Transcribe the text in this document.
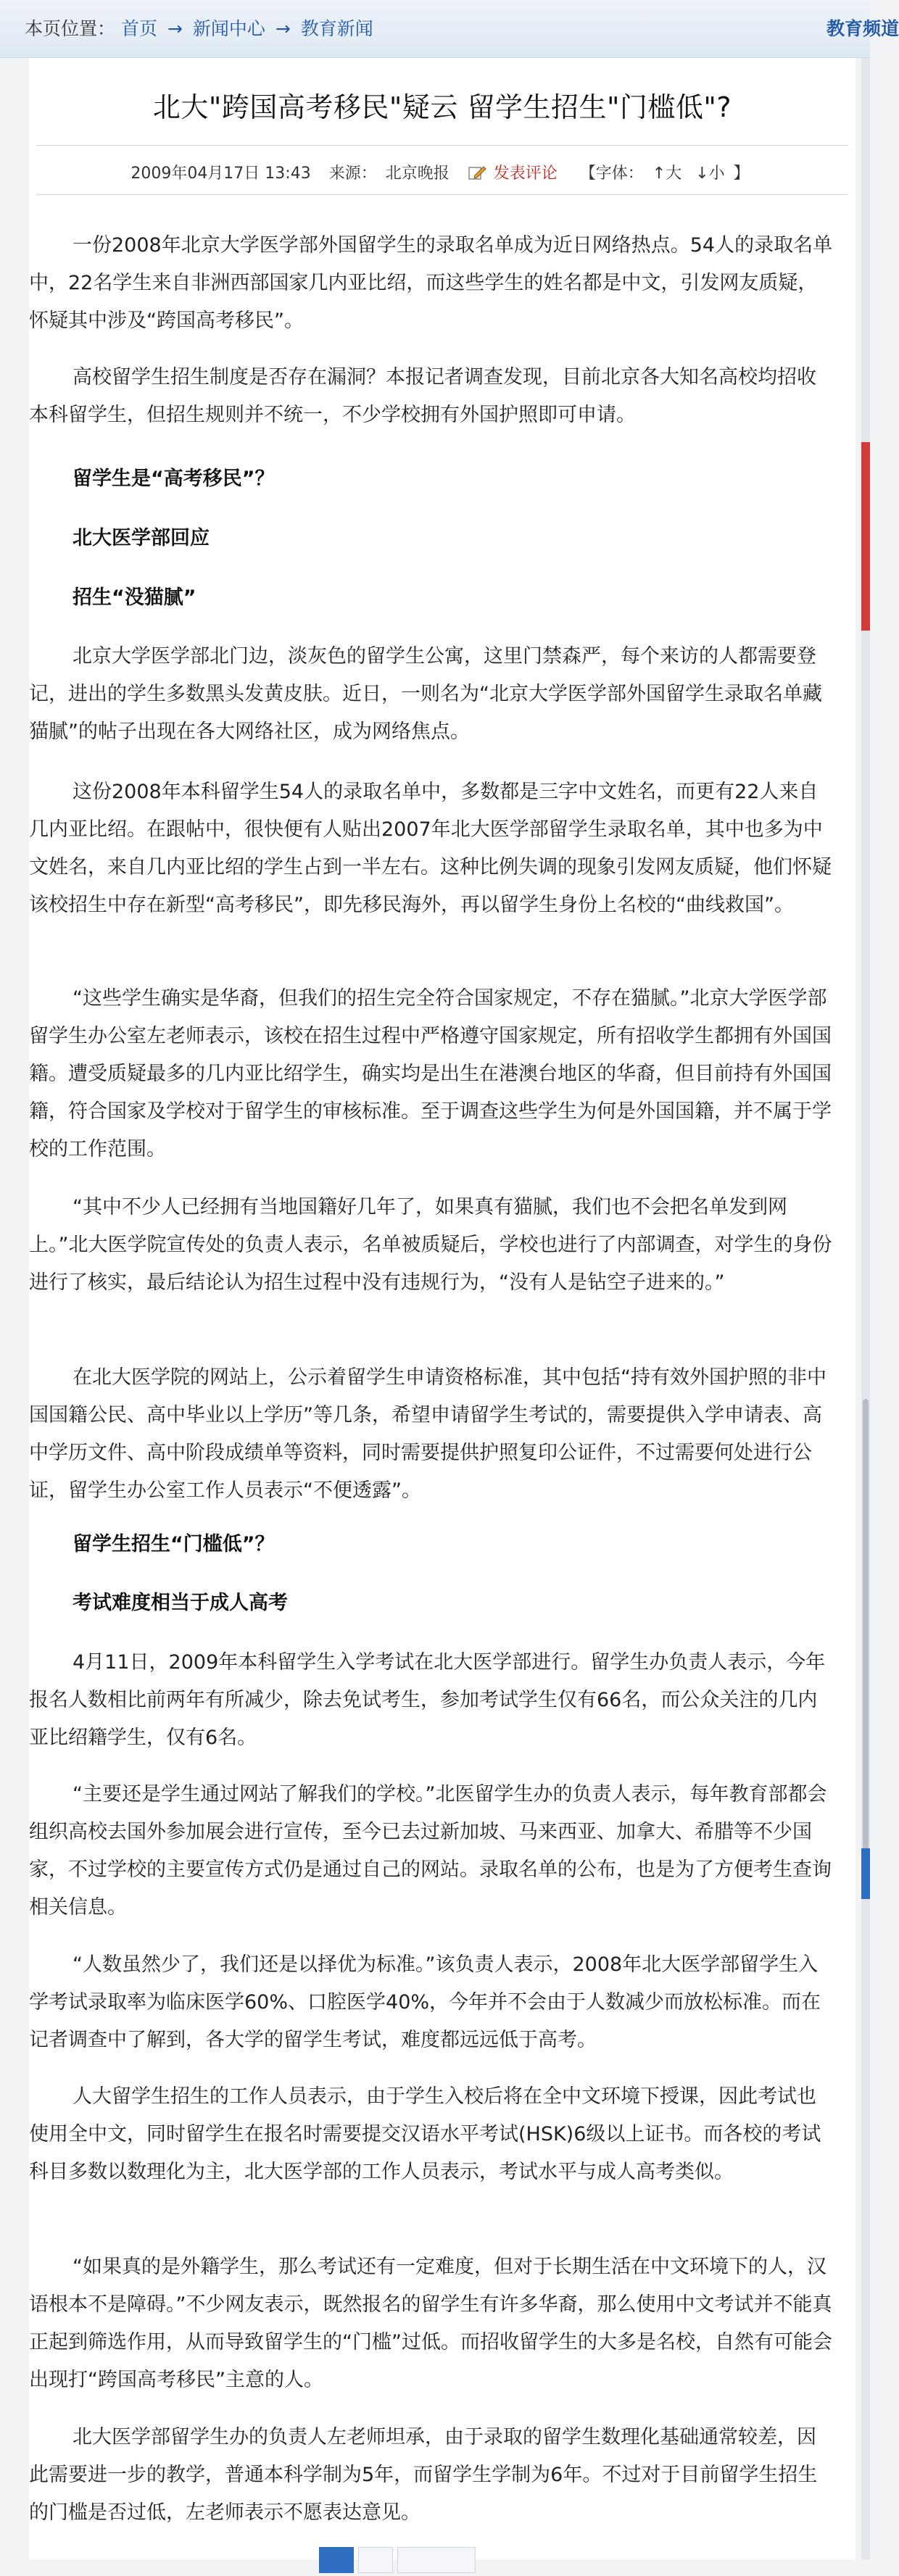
本页位置： 首页 → 新闻中心 → 教育新闻	教育频道
北大"跨国高考移民"疑云 留学生招生"门槛低"?
2009年04月17日 13:43 来源： 北京晚报	发表评论 【字体： ↑大 ↓小 】
一份2008年北京大学医学部外国留学生的录取名单成为近日网络热点。54人的录取名单中，22名学生来自非洲西部国家几内亚比绍，而这些学生的姓名都是中文，引发网友质疑，怀疑其中涉及“跨国高考移民”。
高校留学生招生制度是否存在漏洞？本报记者调查发现，目前北京各大知名高校均招收本科留学生，但招生规则并不统一，不少学校拥有外国护照即可申请。
留学生是“高考移民”？
北大医学部回应
招生“没猫腻”
北京大学医学部北门边，淡灰色的留学生公寓，这里门禁森严，每个来访的人都需要登记，进出的学生多数黑头发黄皮肤。近日，一则名为“北京大学医学部外国留学生录取名单藏猫腻”的帖子出现在各大网络社区，成为网络焦点。
这份2008年本科留学生54人的录取名单中，多数都是三字中文姓名，而更有22人来自几内亚比绍。在跟帖中，很快便有人贴出2007年北大医学部留学生录取名单，其中也多为中文姓名，来自几内亚比绍的学生占到一半左右。这种比例失调的现象引发网友质疑，他们怀疑该校招生中存在新型“高考移民”，即先移民海外，再以留学生身份上名校的“曲线救国”。
“这些学生确实是华裔，但我们的招生完全符合国家规定，不存在猫腻。”北京大学医学部留学生办公室左老师表示，该校在招生过程中严格遵守国家规定，所有招收学生都拥有外国国籍。遭受质疑最多的几内亚比绍学生，确实均是出生在港澳台地区的华裔，但目前持有外国国籍，符合国家及学校对于留学生的审核标准。至于调查这些学生为何是外国国籍，并不属于学校的工作范围。
“其中不少人已经拥有当地国籍好几年了，如果真有猫腻，我们也不会把名单发到网上。”北大医学院宣传处的负责人表示，名单被质疑后，学校也进行了内部调查，对学生的身份进行了核实，最后结论认为招生过程中没有违规行为，“没有人是钻空子进来的。”
在北大医学院的网站上，公示着留学生申请资格标准，其中包括“持有效外国护照的非中国国籍公民、高中毕业以上学历”等几条，希望申请留学生考试的，需要提供入学申请表、高中学历文件、高中阶段成绩单等资料，同时需要提供护照复印公证件，不过需要何处进行公证，留学生办公室工作人员表示“不便透露”。
留学生招生“门槛低”？
考试难度相当于成人高考
4月11日，2009年本科留学生入学考试在北大医学部进行。留学生办负责人表示，今年报名人数相比前两年有所减少，除去免试考生，参加考试学生仅有66名，而公众关注的几内亚比绍籍学生，仅有6名。
“主要还是学生通过网站了解我们的学校。”北医留学生办的负责人表示，每年教育部都会组织高校去国外参加展会进行宣传，至今已去过新加坡、马来西亚、加拿大、希腊等不少国家，不过学校的主要宣传方式仍是通过自己的网站。录取名单的公布，也是为了方便考生查询相关信息。
“人数虽然少了，我们还是以择优为标准。”该负责人表示，2008年北大医学部留学生入学考试录取率为临床医学60%、口腔医学40%，今年并不会由于人数减少而放松标准。而在记者调查中了解到，各大学的留学生考试，难度都远远低于高考。
人大留学生招生的工作人员表示，由于学生入校后将在全中文环境下授课，因此考试也使用全中文，同时留学生在报名时需要提交汉语水平考试(HSK)6级以上证书。而各校的考试科目多数以数理化为主，北大医学部的工作人员表示，考试水平与成人高考类似。
“如果真的是外籍学生，那么考试还有一定难度，但对于长期生活在中文环境下的人，汉语根本不是障碍。”不少网友表示，既然报名的留学生有许多华裔，那么使用中文考试并不能真正起到筛选作用，从而导致留学生的“门槛”过低。而招收留学生的大多是名校，自然有可能会出现打“跨国高考移民”主意的人。
北大医学部留学生办的负责人左老师坦承，由于录取的留学生数理化基础通常较差，因此需要进一步的教学，普通本科学制为5年，而留学生学制为6年。不过对于目前留学生招生的门槛是否过低，左老师表示不愿表达意见。
